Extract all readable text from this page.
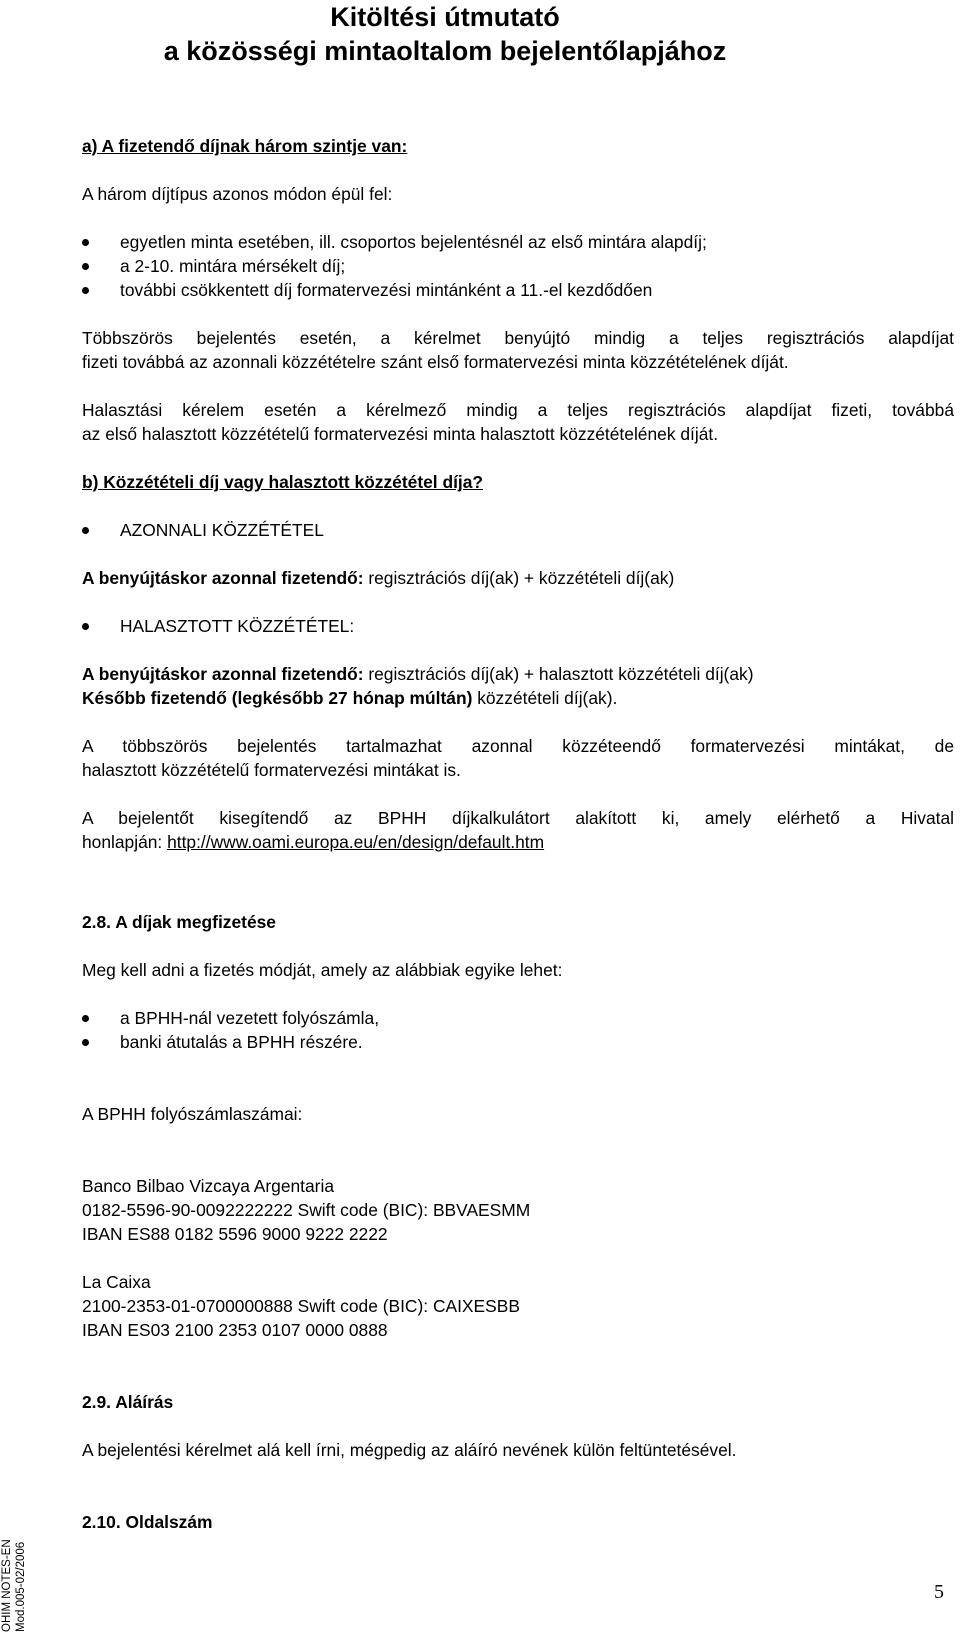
Kitöltési útmutató
a közösségi mintaoltalom bejelentőlapjához
a) A fizetendő díjnak három szintje van:
A három díjtípus azonos módon épül fel:
egyetlen minta esetében, ill. csoportos bejelentésnél az első mintára alapdíj;
a 2-10. mintára mérsékelt díj;
további csökkentett díj formatervezési mintánként a 11.-el kezdődően
Többszörös bejelentés esetén, a kérelmet benyújtó mindig a teljes regisztrációs alapdíjat
fizeti továbbá az azonnali közzétételre szánt első formatervezési minta közzétételének díját.
Halasztási kérelem esetén a kérelmező mindig a teljes regisztrációs alapdíjat fizeti, továbbá
az első halasztott közzétételű formatervezési minta halasztott közzétételének díját.
b) Közzétételi díj vagy halasztott közzététel díja?
AZONNALI KÖZZÉTÉTEL
A benyújtáskor azonnal fizetendő: regisztrációs díj(ak) + közzétételi díj(ak)
HALASZTOTT KÖZZÉTÉTEL:
A benyújtáskor azonnal fizetendő: regisztrációs díj(ak) + halasztott közzétételi díj(ak)
Később fizetendő (legkésőbb 27 hónap múltán) közzétételi díj(ak).
A többszörös bejelentés tartalmazhat azonnal közzéteendő formatervezési mintákat, de
halasztott közzétételű formatervezési mintákat is.
A bejelentőt kisegítendő az BPHH díjkalkulátort alakított ki, amely elérhető a Hivatal
honlapján: http://www.oami.europa.eu/en/design/default.htm
2.8. A díjak megfizetése
Meg kell adni a fizetés módját, amely az alábbiak egyike lehet:
a BPHH-nál vezetett folyószámla,
banki átutalás a BPHH részére.
A BPHH folyószámlaszámai:
Banco Bilbao Vizcaya Argentaria
0182-5596-90-0092222222 Swift code (BIC): BBVAESMM
IBAN ES88 0182 5596 9000 9222 2222
La Caixa
2100-2353-01-0700000888 Swift code (BIC): CAIXESBB
IBAN ES03 2100 2353 0107 0000 0888
2.9. Aláírás
A bejelentési kérelmet alá kell írni, mégpedig az aláíró nevének külön feltüntetésével.
2.10. Oldalszám
OHIM NOTES-EN Mod.005-02/2006	5
